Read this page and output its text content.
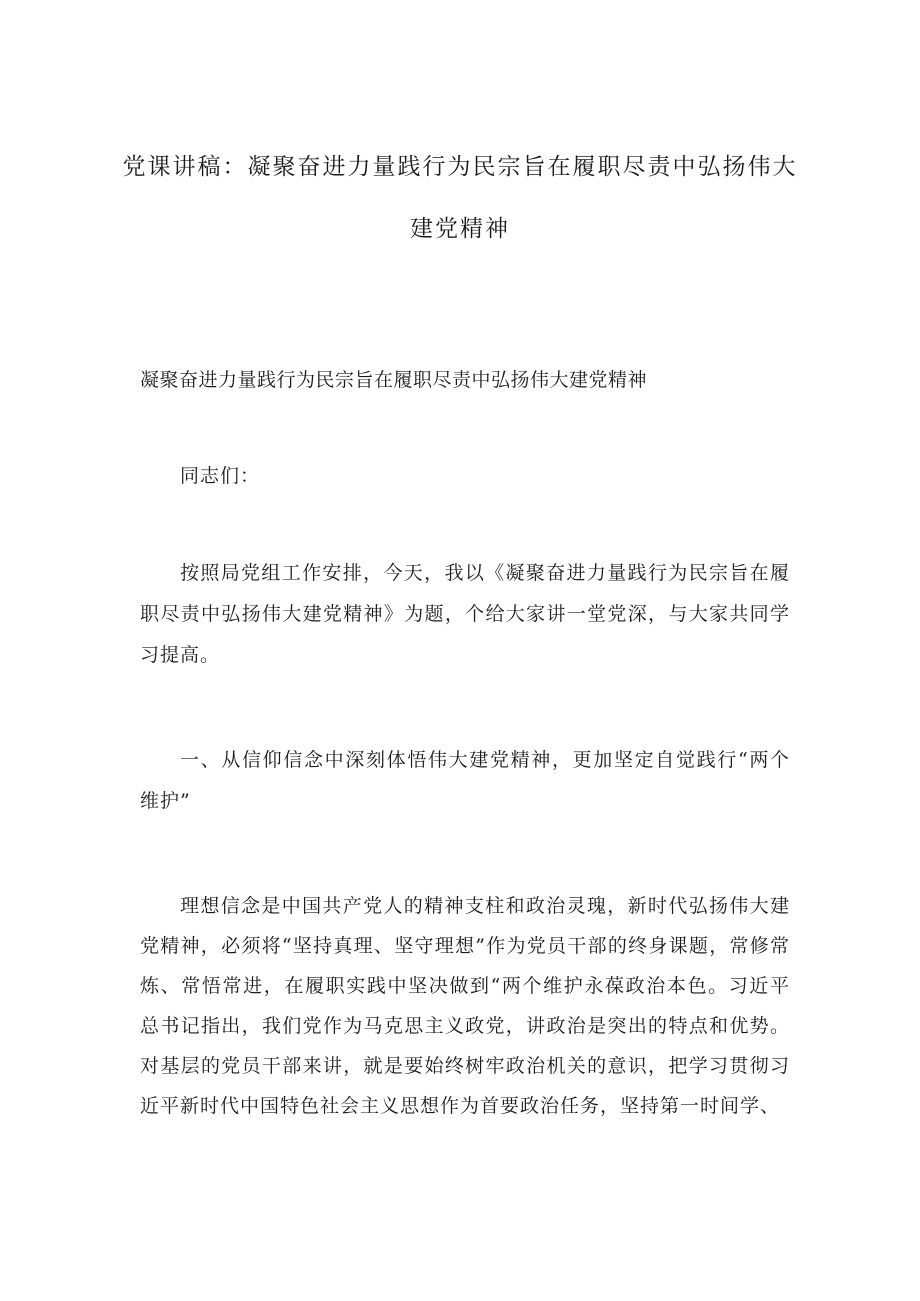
党课讲稿：凝聚奋进力量践行为民宗旨在履职尽责中弘扬伟大建党精神

凝聚奋进力量践行为民宗旨在履职尽责中弘扬伟大建党精神

同志们：

按照局党组工作安排，今天，我以《凝聚奋进力量践行为民宗旨在履职尽责中弘扬伟大建党精神》为题，个给大家讲一堂党深，与大家共同学习提高。

一、从信仰信念中深刻体悟伟大建党精神，更加坚定自觉践行“两个维护”

理想信念是中国共产党人的精神支柱和政治灵瑰，新时代弘扬伟大建党精神，必须将“坚持真理、坚守理想”作为党员干部的终身课题，常修常炼、常悟常进，在履职实践中坚决做到“两个维护永葆政治本色。习近平总书记指出，我们党作为马克思主义政党，讲政治是突出的特点和优势。对基层的党员干部来讲，就是要始终树牢政治机关的意识，把学习贯彻习近平新时代中国特色社会主义思想作为首要政治任务，坚持第一时间学、
